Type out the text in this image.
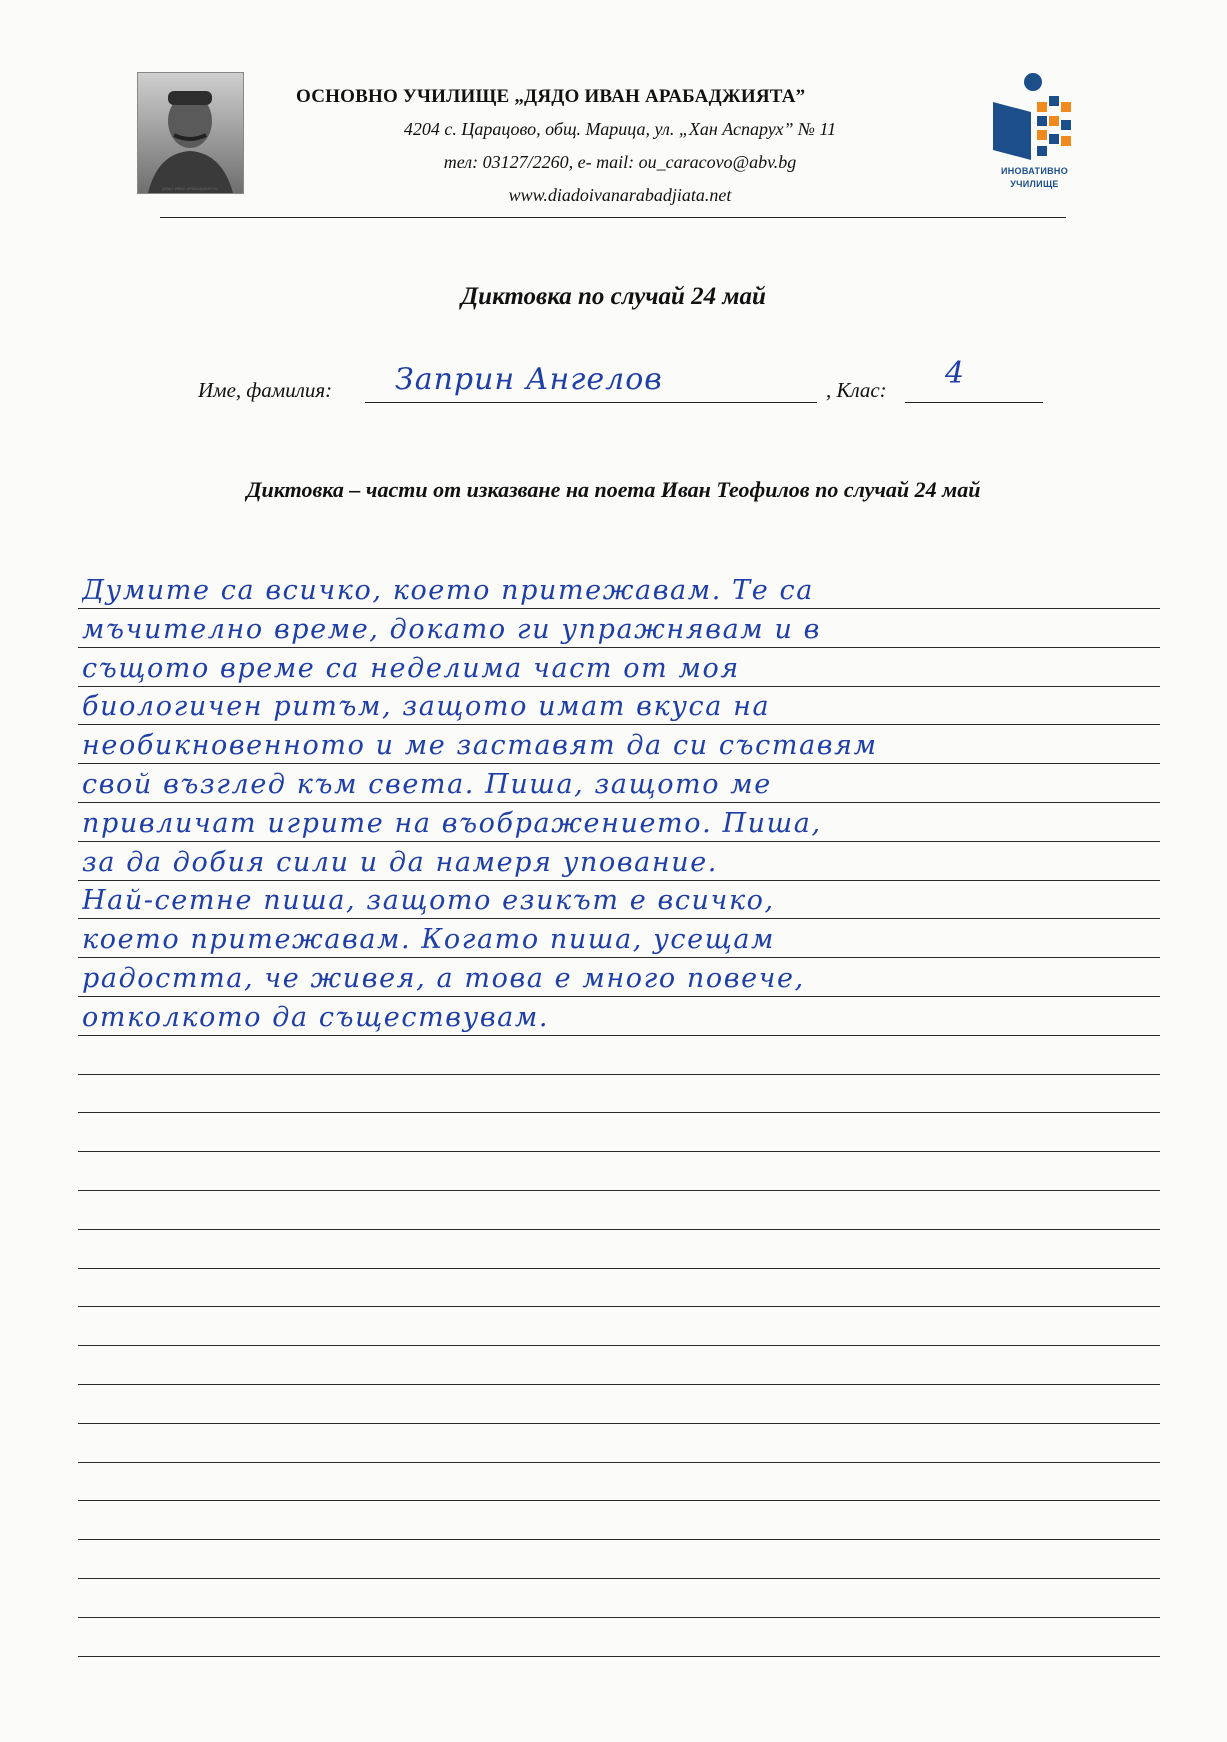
ДЯДО ИВАН АРАБАДЖИЯТА
ОСНОВНО УЧИЛИЩЕ „ДЯДО ИВАН АРАБАДЖИЯТА”
4204 с. Царацово, общ. Марица, ул. „Хан Аспарух” № 11
тел: 03127/2260, е- mail: ou_caracovo@abv.bg
www.diadoivanarabadjiata.net
ИНОВАТИВНО
УЧИЛИЩЕ
Диктовка по случай 24 май
Име, фамилия: Заприн Ангелов	, Клас: 4
Диктовка – части от изказване на поета Иван Теофилов по случай 24 май
Думите са всичко, което притежавам. Те са
мъчително време, докато ги упражнявам и в
същото време са неделима част от моя
биологичен ритъм, защото имат вкуса на
необикновенното и ме заставят да си съставям
свой възглед към света. Пиша, защото ме
привличат игрите на въображението. Пиша,
за да добия сили и да намеря упование.
Най-сетне пиша, защото езикът е всичко,
което притежавам. Когато пиша, усещам
радостта, че живея, а това е много повече,
отколкото да съществувам.
